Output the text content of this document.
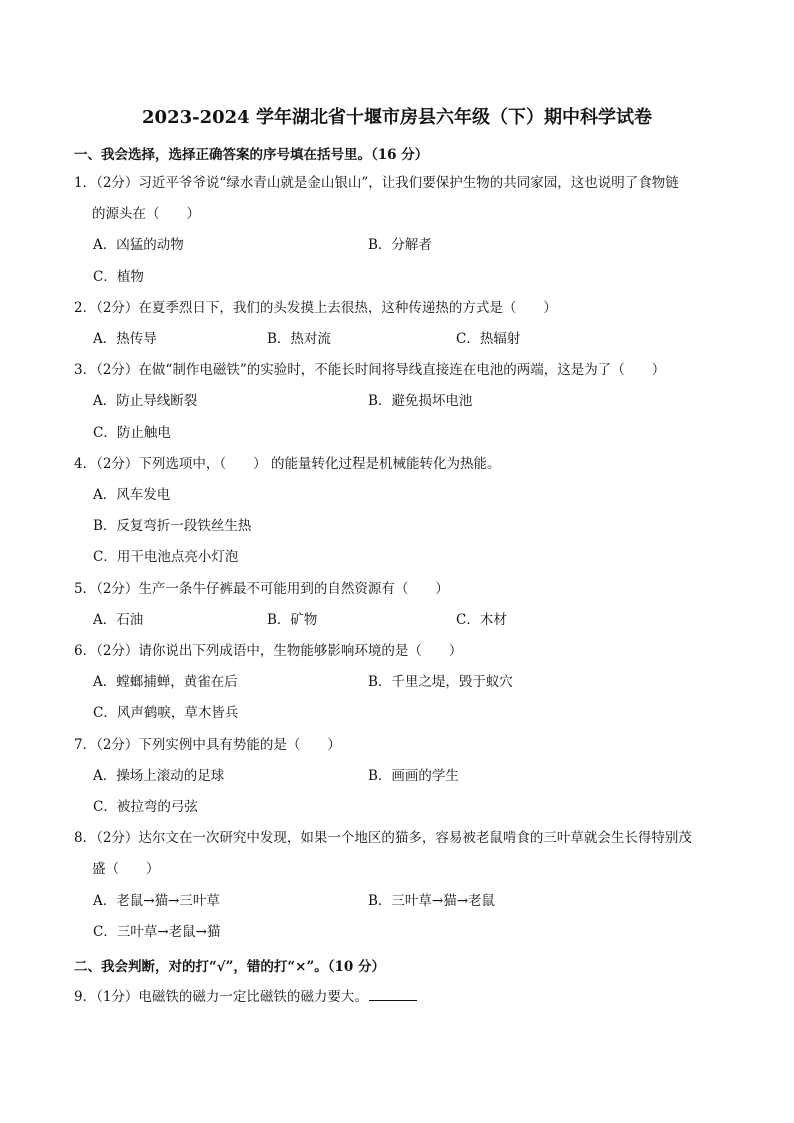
2023-2024 学年湖北省十堰市房县六年级（下）期中科学试卷
一、我会选择，选择正确答案的序号填在括号里。（16 分）
1．（2分）习近平爷爷说“绿水青山就是金山银山”，让我们要保护生物的共同家园，这也说明了食物链
的源头在（　　）
A．凶猛的动物	B．分解者
C．植物
2．（2分）在夏季烈日下，我们的头发摸上去很热，这种传递热的方式是（　　）
A．热传导	B．热对流	C．热辐射
3．（2分）在做“制作电磁铁”的实验时，不能长时间将导线直接连在电池的两端，这是为了（　　）
A．防止导线断裂	B．避免损坏电池
C．防止触电
4．（2分）下列选项中，（　　） 的能量转化过程是机械能转化为热能。
A．风车发电
B．反复弯折一段铁丝生热
C．用干电池点亮小灯泡
5．（2分）生产一条牛仔裤最不可能用到的自然资源有（　　）
A．石油	B．矿物	C．木材
6．（2分）请你说出下列成语中，生物能够影响环境的是（　　）
A．螳螂捕蝉，黄雀在后	B．千里之堤，毁于蚁穴
C．风声鹤唳，草木皆兵
7．（2分）下列实例中具有势能的是（　　）
A．操场上滚动的足球	B．画画的学生
C．被拉弯的弓弦
8．（2分）达尔文在一次研究中发现，如果一个地区的猫多，容易被老鼠啃食的三叶草就会生长得特别茂
盛（　　）
A．老鼠→猫→三叶草	B．三叶草→猫→老鼠
C．三叶草→老鼠→猫
二、我会判断，对的打“√”，错的打“×”。（10 分）
9．（1分）电磁铁的磁力一定比磁铁的磁力要大。
